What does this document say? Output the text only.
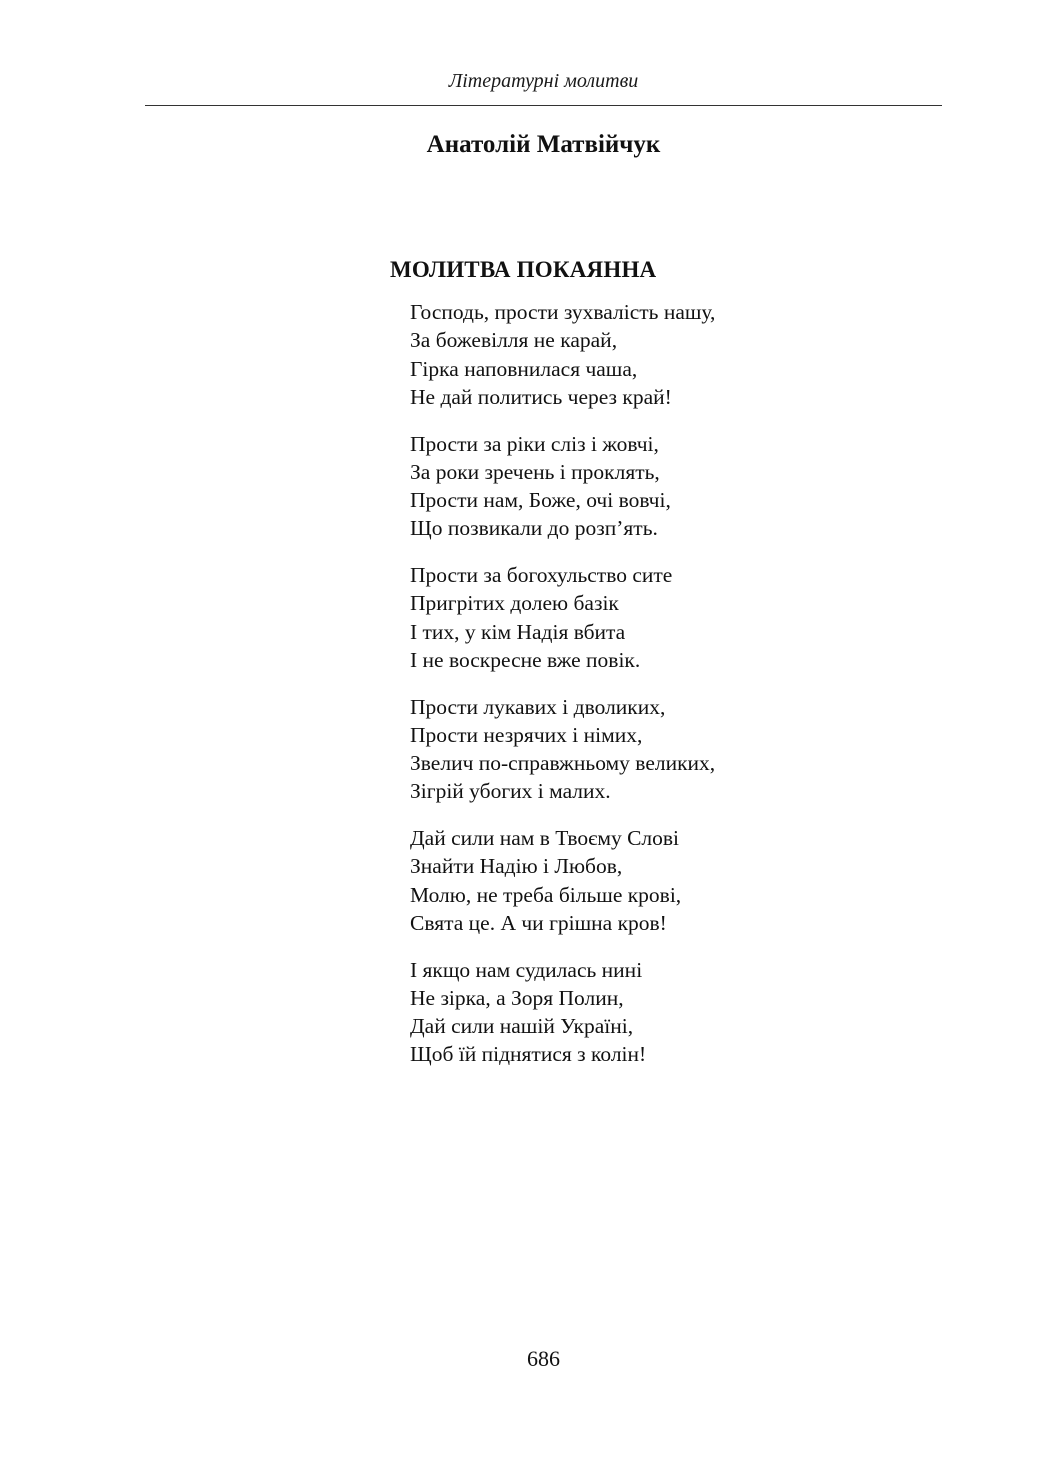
Літературні молитви
Анатолій Матвійчук
МОЛИТВА ПОКАЯННА
Господь, прости зухвалість нашу,
За божевілля не карай,
Гірка наповнилася чаша,
Не дай политись через край!
Прости за ріки сліз і жовчі,
За роки зречень і проклять,
Прости нам, Боже, очі вовчі,
Що позвикали до розп’ять.
Прости за богохульство сите
Пригрітих долею базік
І тих, у кім Надія вбита
І не воскресне вже повік.
Прости лукавих і дволиких,
Прости незрячих і німих,
Звелич по-справжньому великих,
Зігрій убогих і малих.
Дай сили нам в Твоєму Слові
Знайти Надію і Любов,
Молю, не треба більше крові,
Свята це. А чи грішна кров!
І якщо нам судилась нині
Не зірка, а Зоря Полин,
Дай сили нашій Україні,
Щоб їй піднятися з колін!
686
